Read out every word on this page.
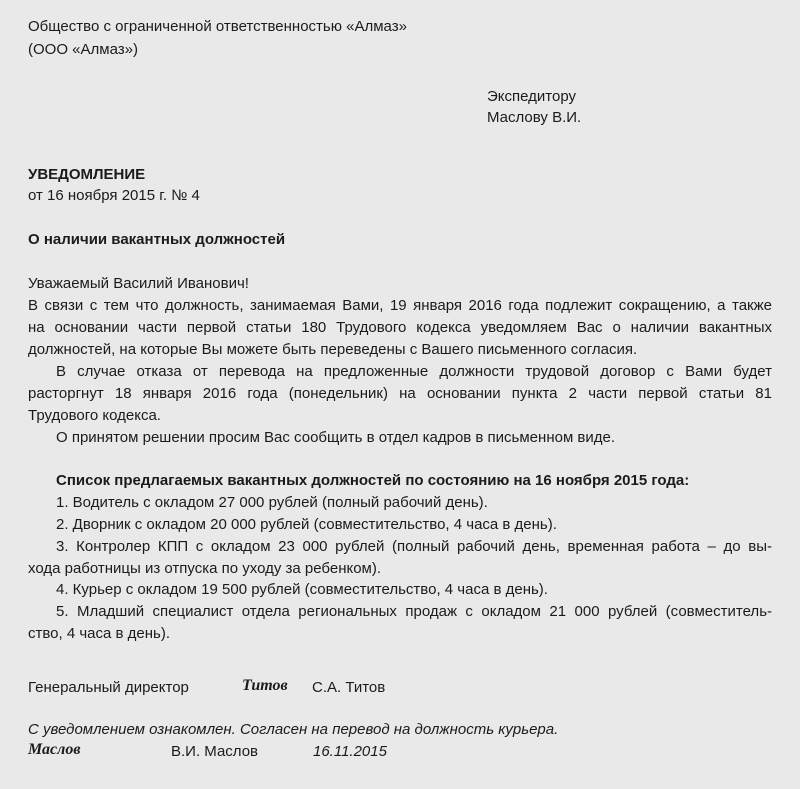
Общество с ограниченной ответственностью «Алмаз»
(ООО «Алмаз»)
Экспедитору
Маслову В.И.
УВЕДОМЛЕНИЕ
от 16 ноября 2015 г. № 4
О наличии вакантных должностей
Уважаемый Василий Иванович!
В связи с тем что должность, занимаемая Вами, 19 января 2016 года подлежит сокращению, а также
на основании части первой статьи 180 Трудового кодекса уведомляем Вас о наличии вакантных
должностей, на которые Вы можете быть переведены с Вашего письменного согласия.
В случае отказа от перевода на предложенные должности трудовой договор с Вами будет
расторгнут 18 января 2016 года (понедельник) на основании пункта 2 части первой статьи 81
Трудового кодекса.
О принятом решении просим Вас сообщить в отдел кадров в письменном виде.
Список предлагаемых вакантных должностей по состоянию на 16 ноября 2015 года:
1. Водитель с окладом 27 000 рублей (полный рабочий день).
2. Дворник с окладом 20 000 рублей (совместительство, 4 часа в день).
3. Контролер КПП с окладом 23 000 рублей (полный рабочий день, временная работа – до вы-
хода работницы из отпуска по уходу за ребенком).
4. Курьер с окладом 19 500 рублей (совместительство, 4 часа в день).
5. Младший специалист отдела региональных продаж с окладом 21 000 рублей (совместитель-
ство, 4 часа в день).
Генеральный директор	Титов С.А. Титов
С уведомлением ознакомлен. Согласен на перевод на должность курьера.
Маслов	В.И. Маслов	16.11.2015
